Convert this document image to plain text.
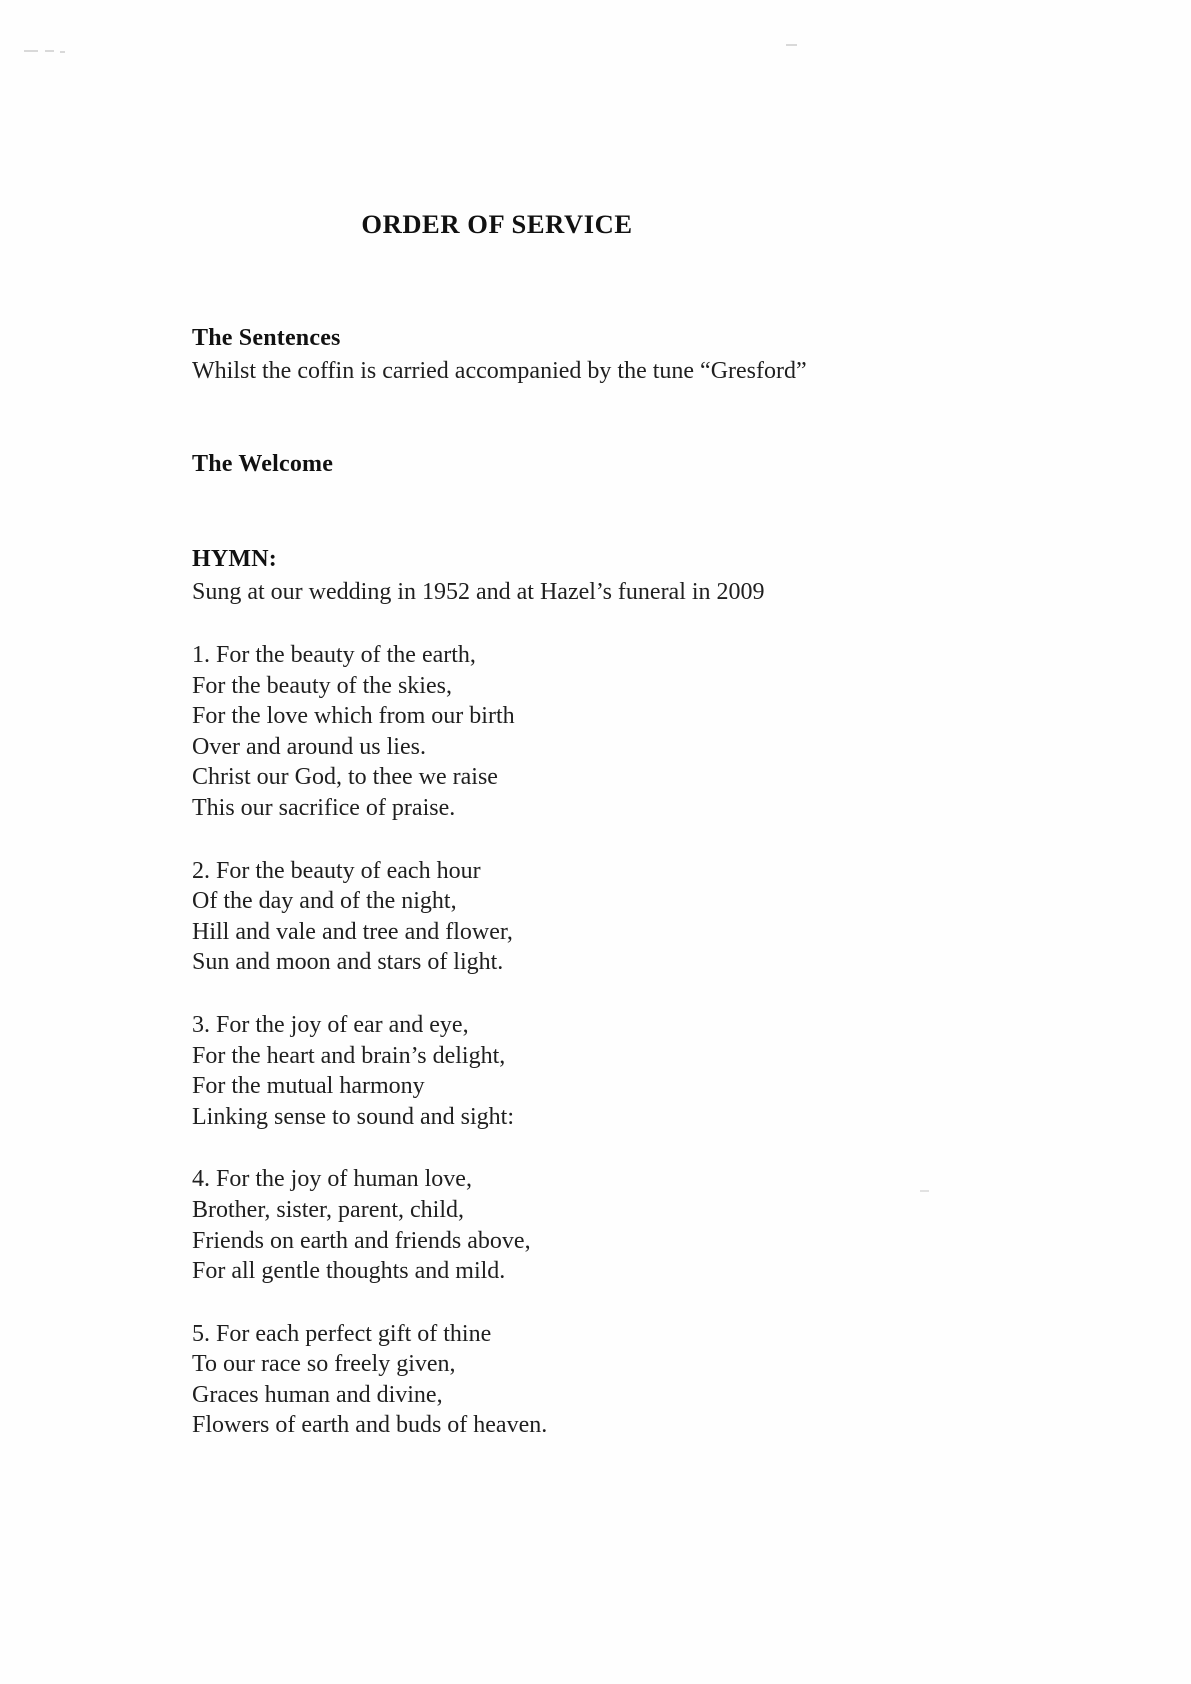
ORDER OF SERVICE
The Sentences

Whilst the coffin is carried accompanied by the tune “Gresford”

The Welcome
HYMN:

Sung at our wedding in 1952 and at Hazel’s funeral in 2009

1. For the beauty of the earth,

For the beauty of the skies,

For the love which from our birth

Over and around us lies.

Christ our God, to thee we raise

This our sacrifice of praise.

2. For the beauty of each hour

Of the day and of the night,

Hill and vale and tree and flower,

Sun and moon and stars of light.

3. For the joy of ear and eye,

For the heart and brain’s delight,

For the mutual harmony

Linking sense to sound and sight:

4. For the joy of human love,

Brother, sister, parent, child,

Friends on earth and friends above,

For all gentle thoughts and mild.

5. For each perfect gift of thine

To our race so freely given,

Graces human and divine,

Flowers of earth and buds of heaven.
